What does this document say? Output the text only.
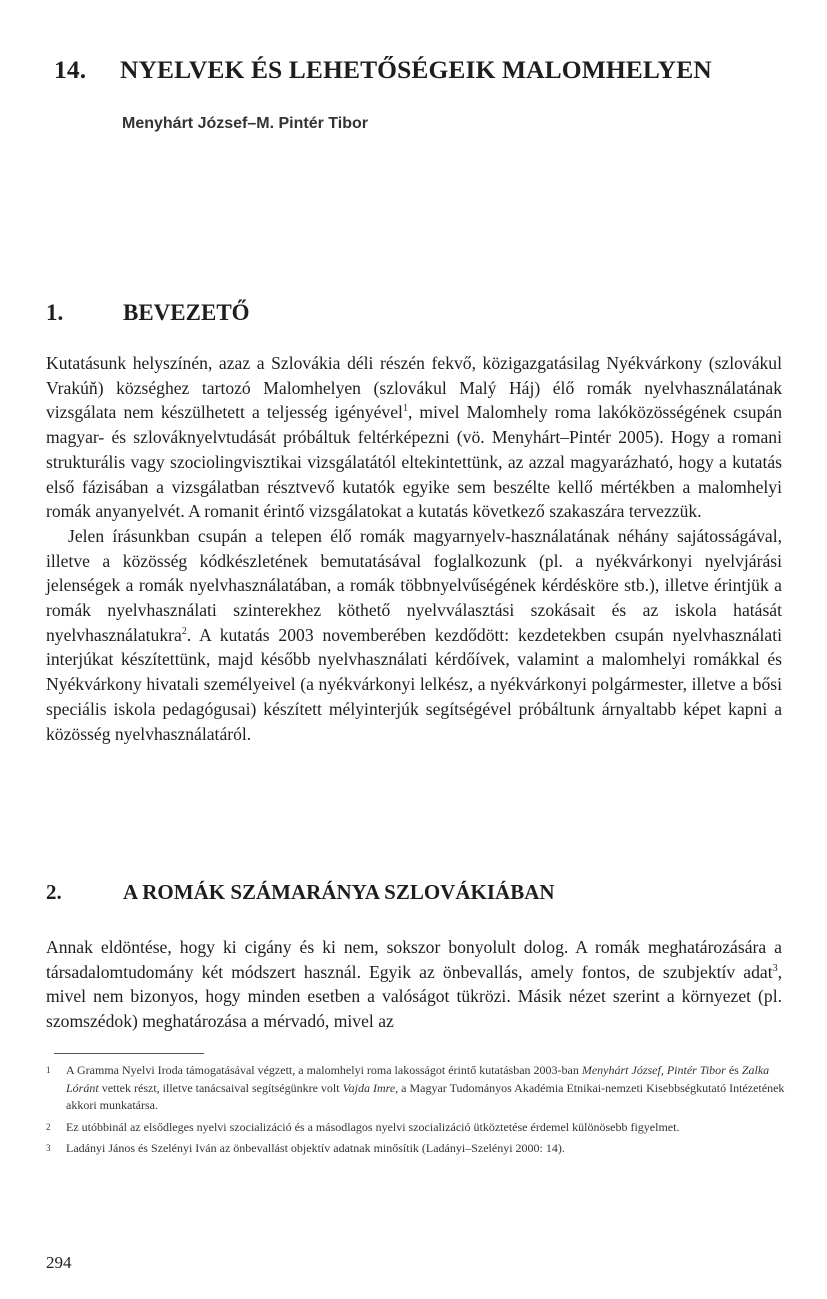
14. NYELVEK ÉS LEHETŐSÉGEIK MALOMHELYEN

Menyhárt József–M. Pintér Tibor

1.	BEVEZETŐ

Kutatásunk helyszínén, azaz a Szlovákia déli részén fekvő, közigazgatásilag Nyékvárkony (szlovákul Vrakúň) községhez tartozó Malomhelyen (szlovákul Malý Háj) élő romák nyelvhasználatának vizsgálata nem készülhetett a teljesség igényével$^1$, mivel Malomhely roma lakóközösségének csupán magyar- és szlováknyelvtudását próbáltuk feltérképezni (vö. Menyhárt–Pintér 2005). Hogy a romani strukturális vagy szociolingvisztikai vizsgálatától eltekintettünk, az azzal magyarázható, hogy a kutatás első fázisában a vizsgálatban résztvevő kutatók egyike sem beszélte kellő mértékben a malomhelyi romák anyanyelvét. A romanit érintő vizsgálatokat a kutatás következő szakaszára tervezzük.

Jelen írásunkban csupán a telepen élő romák magyarnyelv-használatának néhány sajátosságával, illetve a közösség kódkészletének bemutatásával foglalkozunk (pl. a nyékvárkonyi nyelvjárási jelenségek a romák nyelvhasználatában, a romák többnyelvűségének kérdésköre stb.), illetve érintjük a romák nyelvhasználati szinterekhez köthető nyelvválasztási szokásait és az iskola hatását nyelvhasználatukra$^2$. A kutatás 2003 novemberében kezdődött: kezdetekben csupán nyelvhasználati interjúkat készítettünk, majd később nyelvhasználati kérdőívek, valamint a malomhelyi romákkal és Nyékvárkony hivatali személyeivel (a nyékvárkonyi lelkész, a nyékvárkonyi polgármester, illetve a bősi speciális iskola pedagógusai) készített mélyinterjúk segítségével próbáltunk árnyaltabb képet kapni a közösség nyelvhasználatáról.

2.	A ROMÁK SZÁMARÁNYA SZLOVÁKIÁBAN

Annak eldöntése, hogy ki cigány és ki nem, sokszor bonyolult dolog. A romák meghatározására a társadalomtudomány két módszert használ. Egyik az önbevallás, amely fontos, de szubjektív adat$^3$, mivel nem bizonyos, hogy minden esetben a valóságot tükrözi. Másik nézet szerint a környezet (pl. szomszédok) meghatározása a mérvadó, mivel az

1 A Gramma Nyelvi Iroda támogatásával végzett, a malomhelyi roma lakosságot érintő kutatásban 2003-ban Menyhárt József, Pintér Tibor és Zalka Lóránt vettek részt, illetve tanácsaival segítségünkre volt Vajda Imre, a Magyar Tudományos Akadémia Etnikai-nemzeti Kisebbségkutató Intézetének akkori munkatársa.

2 Ez utóbbinál az elsődleges nyelvi szocializáció és a másodlagos nyelvi szocializáció ütköztetése érdemel különösebb figyelmet.

3 Ladányi János és Szelényi Iván az önbevallást objektív adatnak minősítik (Ladányi–Szelényi 2000: 14).

294
